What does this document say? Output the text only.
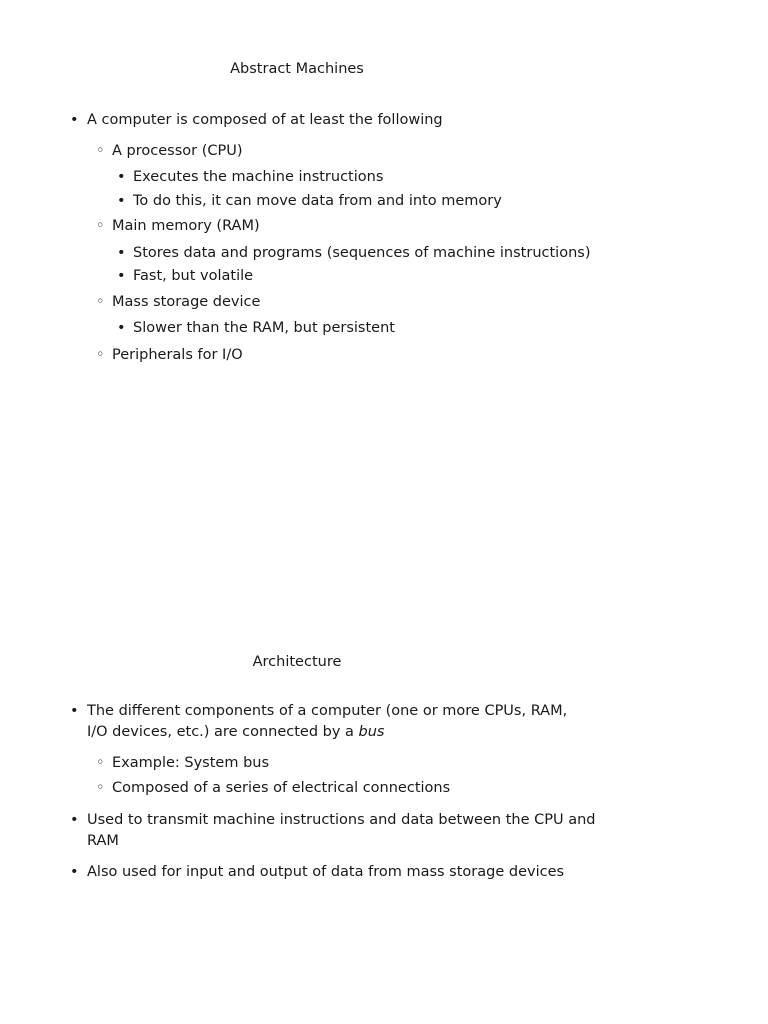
Abstract Machines
• A computer is composed of at least the following
◦ A processor (CPU)
• Executes the machine instructions
• To do this, it can move data from and into memory
◦ Main memory (RAM)
• Stores data and programs (sequences of machine instructions)
• Fast, but volatile
◦ Mass storage device
• Slower than the RAM, but persistent
◦ Peripherals for I/O
Architecture
• The different components of a computer (one or more CPUs, RAM,
I/O devices, etc.) are connected by a bus
◦ Example: System bus
◦ Composed of a series of electrical connections
• Used to transmit machine instructions and data between the CPU and
RAM
• Also used for input and output of data from mass storage devices
